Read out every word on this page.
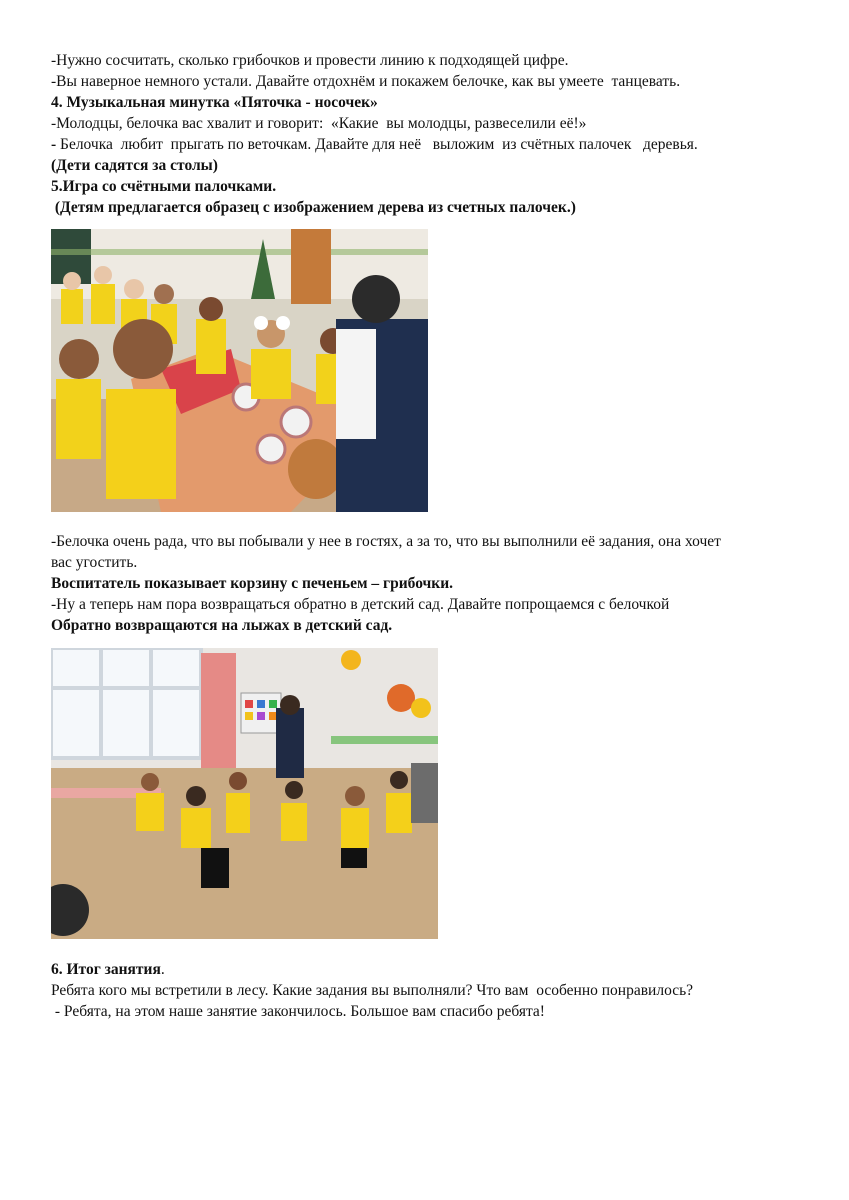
-Нужно сосчитать, сколько грибочков и провести линию к подходящей цифре.

-Вы наверное немного устали. Давайте отдохнём и покажем белочке, как вы умеете  танцевать.

4. Музыкальная минутка «Пяточка - носочек»

-Молодцы, белочка вас хвалит и говорит:  «Какие  вы молодцы, развеселили её!»

- Белочка  любит  прыгать по веточкам. Давайте для неё   выложим  из счётных палочек   деревья.

(Дети садятся за столы)

5.Игра со счётными палочками.

(Детям предлагается образец с изображением дерева из счетных палочек.)

-Белочка очень рада, что вы побывали у нее в гостях, а за то, что вы выполнили её задания, она хочет

вас угостить.

Воспитатель показывает корзину с печеньем – грибочки.

-Ну а теперь нам пора возвращаться обратно в детский сад. Давайте попрощаемся с белочкой

Обратно возвращаются на лыжах в детский сад.

6. Итог занятия.

Ребята кого мы встретили в лесу. Какие задания вы выполняли? Что вам  особенно понравилось?

- Ребята, на этом наше занятие закончилось. Большое вам спасибо ребята!
